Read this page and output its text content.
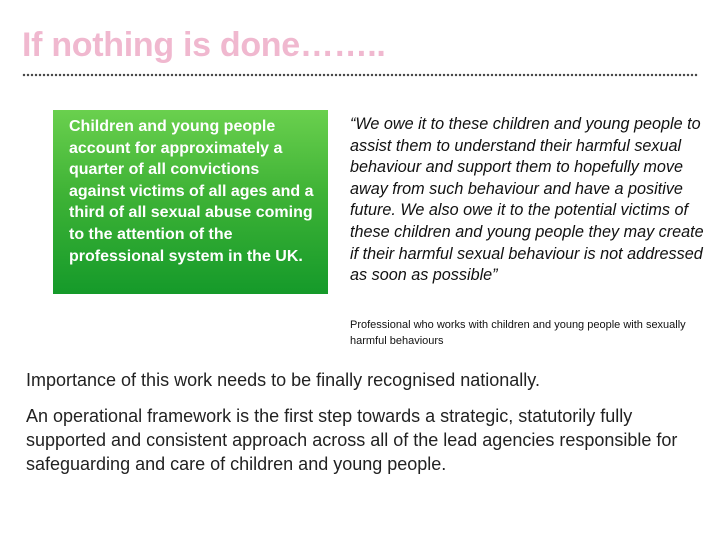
If nothing is done……..

Children and young people account for approximately a quarter of all convictions against victims of all ages and a third of all sexual abuse coming to the attention of the professional system in the UK.

“We owe it to these children and young people to assist them to understand their harmful sexual behaviour and support them to hopefully move away from such behaviour and have a positive future. We also owe it to the potential victims of these children and young people they may create if their harmful sexual behaviour is not addressed as soon as possible”

Professional who works with children and young people with sexually harmful behaviours

Importance of this work needs to be finally recognised nationally.

An operational framework is the first step towards a strategic, statutorily fully supported and consistent approach across all of the lead agencies responsible for safeguarding and care of children and young people.
